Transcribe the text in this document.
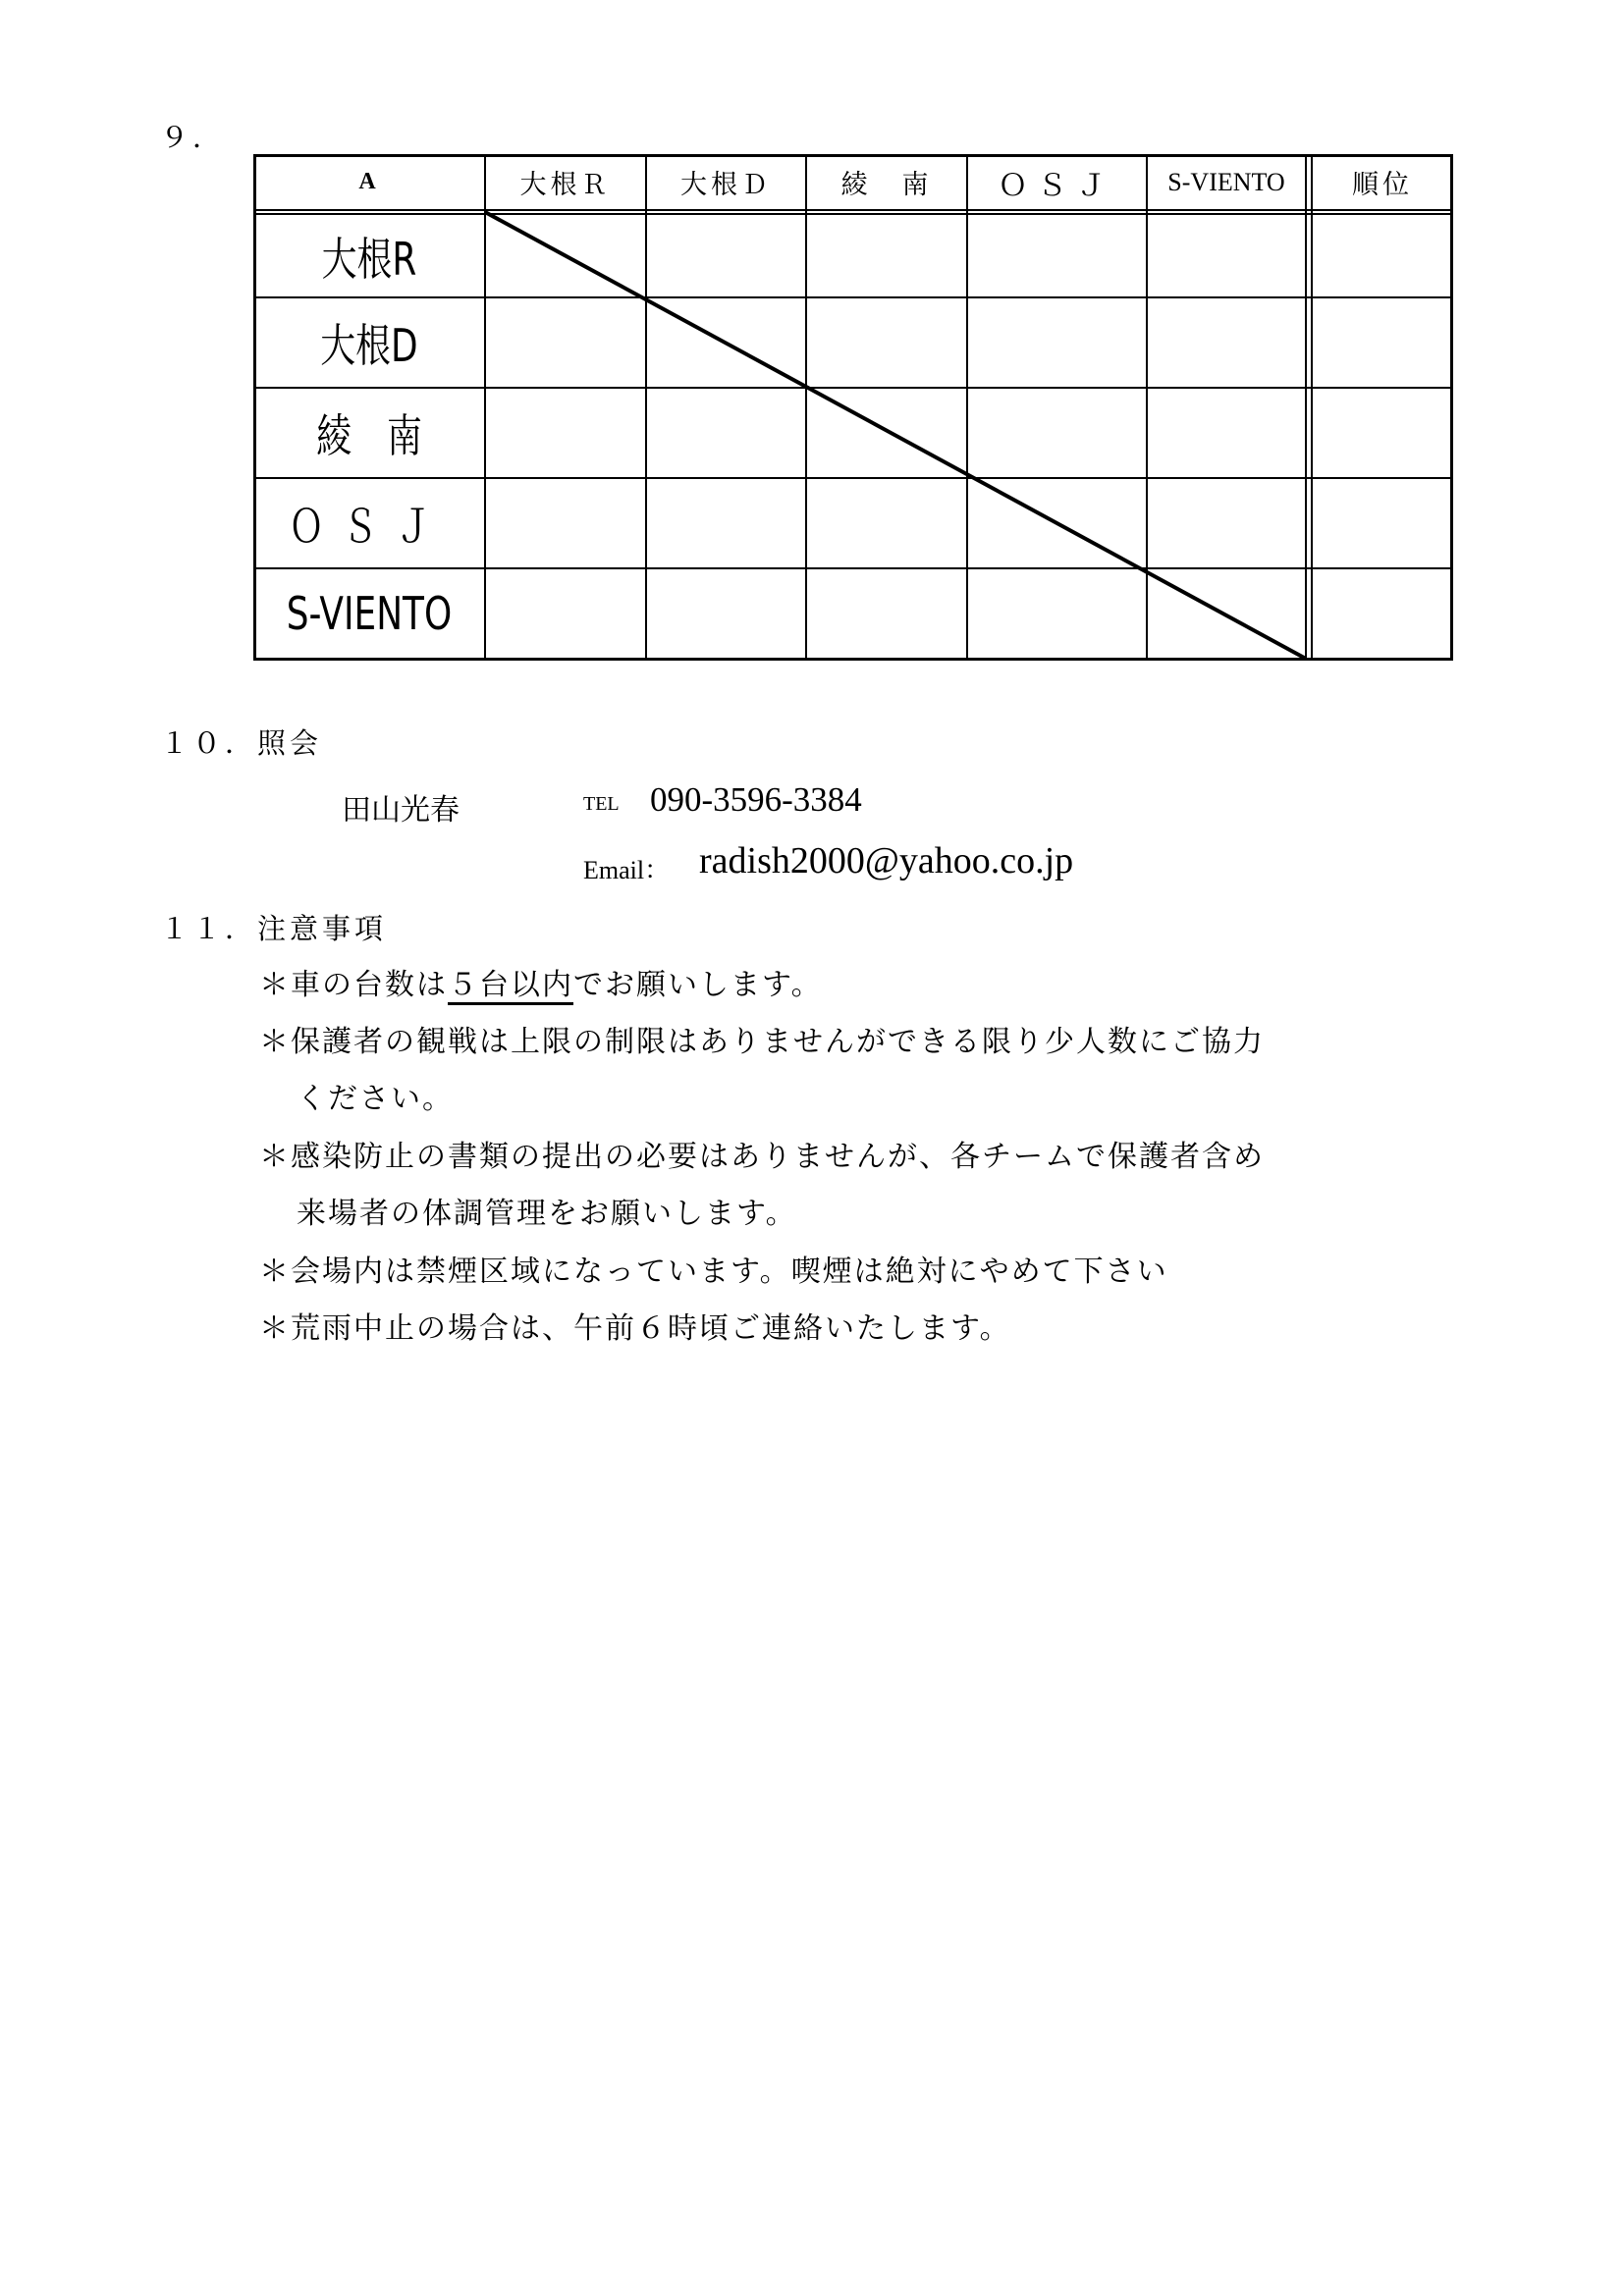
９．
A	大根Ｒ	大根Ｄ	綾　南	ＯＳＪ	S-VIENTO	順位
大根R
大根D
綾　南
ＯＳＪ
S-VIENTO
１０．照会
田山光春	TEL 090-3596-3384
Email： radish2000@yahoo.co.jp
１１．注意事項
＊車の台数は５台以内でお願いします。
＊保護者の観戦は上限の制限はありませんができる限り少人数にご協力
ください。
＊感染防止の書類の提出の必要はありませんが、各チームで保護者含め
来場者の体調管理をお願いします。
＊会場内は禁煙区域になっています。喫煙は絶対にやめて下さい
＊荒雨中止の場合は、午前６時頃ご連絡いたします。
